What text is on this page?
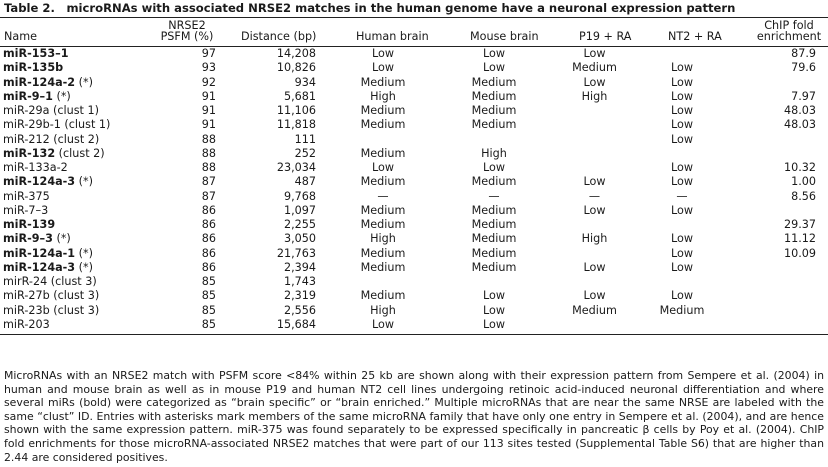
Table 2.  microRNAs with associated NRSE2 matches in the human genome have a neuronal expression pattern
Name
NRSE2
PSFM (%)	Distance (bp)	Human brain	Mouse brain	P19 + RA	NT2 + RA
ChIP fold
enrichment
miR-153–1	97	14,208	Low	Low	Low		87.9
miR-135b	93	10,826	Low	Low	Medium	Low	79.6
miR-124a-2 (*)	92	934	Medium	Medium	Low	Low	
miR-9–1 (*)	91	5,681	High	Medium	High	Low	7.97
miR-29a (clust 1)	91	11,106	Medium	Medium		Low	48.03
miR-29b-1 (clust 1)	91	11,818	Medium	Medium		Low	48.03
miR-212 (clust 2)	88	111				Low	
miR-132 (clust 2)	88	252	Medium	High			
miR-133a-2	88	23,034	Low	Low		Low	10.32
miR-124a-3 (*)	87	487	Medium	Medium	Low	Low	1.00
miR-375	87	9,768	—	—	—	—	8.56
miR-7–3	86	1,097	Medium	Medium	Low	Low	
miR-139	86	2,255	Medium	Medium			29.37
miR-9–3 (*)	86	3,050	High	Medium	High	Low	11.12
miR-124a-1 (*)	86	21,763	Medium	Medium		Low	10.09
miR-124a-3 (*)	86	2,394	Medium	Medium	Low	Low	
mirR-24 (clust 3)	85	1,743					
miR-27b (clust 3)	85	2,319	Medium	Low	Low	Low	
miR-23b (clust 3)	85	2,556	High	Low	Medium	Medium	
miR-203	85	15,684	Low	Low			
MicroRNAs with an NRSE2 match with PSFM score <84% within 25 kb are shown along with their expression pattern from Sempere et al. (2004) in human and mouse brain as well as in mouse P19 and human NT2 cell lines undergoing retinoic acid-induced neuronal differentiation and where several miRs (bold) were categorized as “brain specific” or “brain enriched.” Multiple microRNAs that are near the same NRSE are labeled with the same “clust” ID. Entries with asterisks mark members of the same microRNA family that have only one entry in Sempere et al. (2004), and are hence shown with the same expression pattern. miR-375 was found separately to be expressed specifically in pancreatic β cells by Poy et al. (2004). ChIP fold enrichments for those microRNA-associated NRSE2 matches that were part of our 113 sites tested (Supplemental Table S6) that are higher than 2.44 are considered positives.
